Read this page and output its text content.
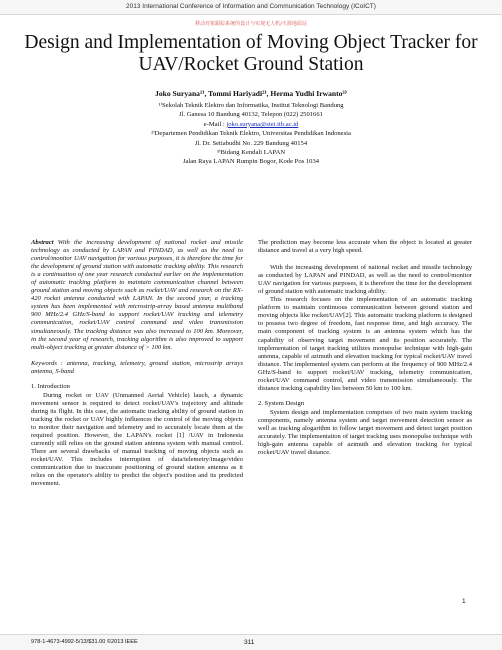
2013 International Conference of Information and Communication Technology (ICoICT)
移动对象跟踪系统的设计与实现无人机/火箭地面站
Design and Implementation of Moving Object Tracker for UAV/Rocket Ground Station
Joko Suryana¹⁾, Tommi Hariyadi²⁾, Herma Yudhi Irwanto³⁾
¹⁾Sekolah Teknik Elektro dan Informatika, Institut Teknologi Bandung
Jl. Ganesa 10 Bandung 40132, Telepon (022) 2501661
e-Mail : joko.suryana@stei.itb.ac.id
²⁾Departemen Pendidikan Teknik Elektro, Universitas Pendidikan Indonesia
Jl. Dr. Setiabudhi No. 229 Bandung 40154
³⁾Bidang Kendali LAPAN
Jalan Raya LAPAN Rumpin Bogor, Kode Pos 1034

Abstract With the increasing development of national rocket and missile technology as conducted by LAPAN and PINDAD, as well as the need to control/monitor UAV navigation for various purposes, it is therefore the time for the development of ground station with automatic tracking ability. This research is a continuation of one year research conducted earlier on the implementation of automatic tracking platform to maintain communication channel between ground station and moving objects such as rocket/UAV and research on the RX-420 rocket antenna conducted with LAPAN. In the second year, a tracking system has been implemented with microstrip-array based antenna multiband 900 MHz/2.4 GHz/S-band to support rocket/UAV tracking and telemetry communication, rocket/UAV control command and video transmission simultaneously. The tracking distance was also increased to 100 km. Moreover, in the second year of research, tracking algorithm is also improved to support multi-object tracking at greater distance of > 100 km.

Keywords : antenna, tracking, telemetry, ground station, microstrip arrays antenna, S-band

1. Introduction

During rocket or UAV (Unmanned Aerial Vehicle) lauch, a dynamic movement sensor is required to detect rocket/UAV's trajectory and altitude during its flight. In this case, the automatic tracking ability of ground station in tracking the rocket or UAV highly influences the control of the moving objects to monitor their navigation and telemetry and to accurately locate them at the required position. However, the LAPAN's rocket [1] /UAV in Indonesia currently still relies on the ground station antenna system with manual control. There are several drawbacks of manual tracking of moving objects such as rocket/UAV. This includes interruption of data/telemetry/image/video communication due to inaccurate positioning of ground station antenna as it relies on the operator's ability to predict the object's position and its predicted movement.

The prediction may become less accurate when the object is located at greater distance and travel at a very high speed.

With the increasing development of national rocket and missile technology as conducted by LAPAN and PINDAD, as well as the need to control/monitor UAV navigation for various purposes, it is therefore the time for the development of ground station with automatic tracking ability.

This research focuses on the implementation of an automatic tracking platform to maintain continuous communication between ground station and moving objects like rocket/UAV[2]. This automatic tracking platform is designed to possess two degree of freedom, fast response time, and high accuracy. The main component of tracking system is an antenna system which has the capability of observing target movement and its position accurately. The implementation of target tracking utilizes monopulse technique with high-gain antenna, capable of azimuth and elevation tracking for typical rocket/UAV travel distance. The implemented system can perform at the frequency of 900 MHz/2.4 GHz/S-band to support rocket/UAV tracking, telemetry communication, rocket/UAV command control, and video transmission simultaneously. The distance tracking capability lies between 50 km to 100 km.

2. System Design

System design and implementation comprises of two main system tracking components, namely antenna system and target movement detection sensor as well as tracking alogarithm to follow target movement and detect target position accurately. The implementation of target tracking uses monopulse technique with high-gain antenna capable of azimuth and elevation tracking for typical rocket/UAV travel distance.

1
978-1-4673-4992-5/13/$31.00 ©2013 IEEE	311
